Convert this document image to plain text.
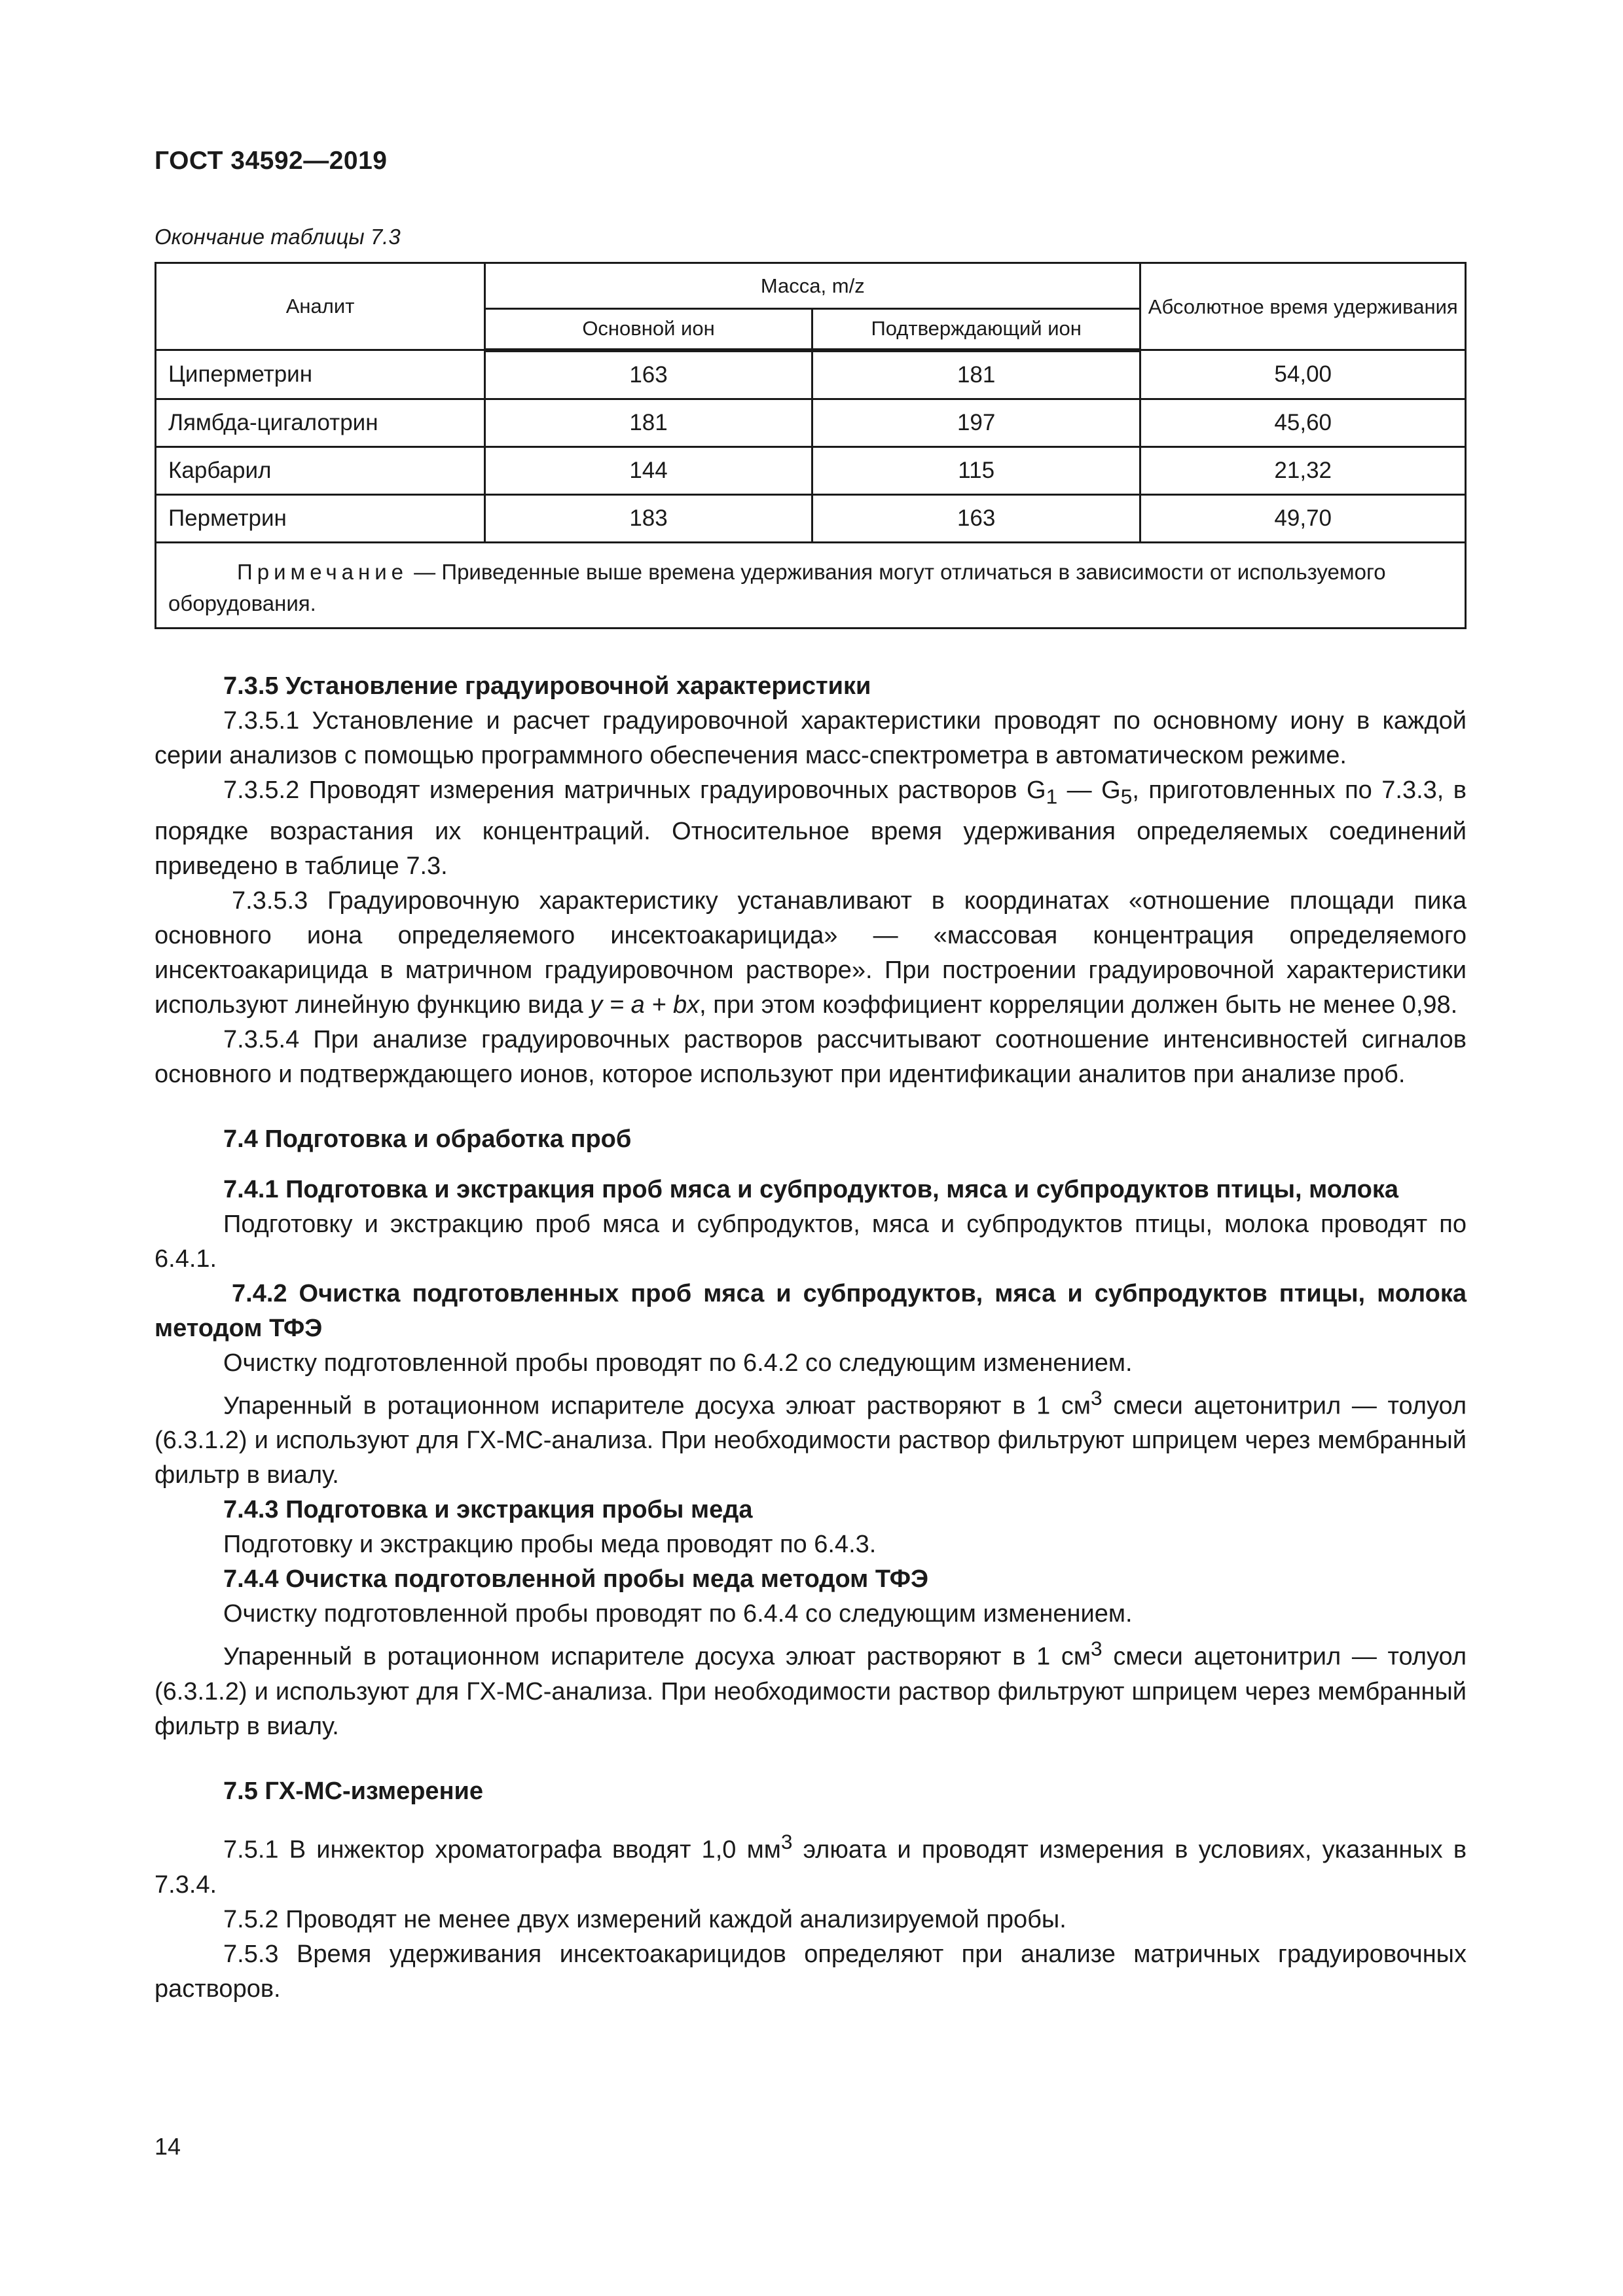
ГОСТ 34592—2019
Окончание таблицы 7.3
Аналит	Масса, m/z		Абсолютное время удерживания
	Основной ион	Подтверждающий ион	
Циперметрин	163	181	54,00
Лямбда-цигалотрин	181	197	45,60
Карбарил	144	115	21,32
Перметрин	183	163	49,70
Примечание — Приведенные выше времена удерживания могут отличаться в зависимости от используемого оборудования.			

7.3.5 Установление градуировочной характеристики

7.3.5.1 Установление и расчет градуировочной характеристики проводят по основному иону в каждой серии анализов с помощью программного обеспечения масс-спектрометра в автоматическом режиме.

7.3.5.2 Проводят измерения матричных градуировочных растворов $G_1$ — $G_5$, приготовленных по 7.3.3, в порядке возрастания их концентраций. Относительное время удерживания определяемых соединений приведено в таблице 7.3.

7.3.5.3 Градуировочную характеристику устанавливают в координатах «отношение площади пика основного иона определяемого инсектоакарицида» — «массовая концентрация определяемого инсектоакарицида в матричном градуировочном растворе». При построении градуировочной характеристики используют линейную функцию вида y = a + bx, при этом коэффициент корреляции должен быть не менее 0,98.

7.3.5.4 При анализе градуировочных растворов рассчитывают соотношение интенсивностей сигналов основного и подтверждающего ионов, которое используют при идентификации аналитов при анализе проб.

7.4 Подготовка и обработка проб

7.4.1 Подготовка и экстракция проб мяса и субпродуктов, мяса и субпродуктов птицы, молока

Подготовку и экстракцию проб мяса и субпродуктов, мяса и субпродуктов птицы, молока проводят по 6.4.1.

7.4.2 Очистка подготовленных проб мяса и субпродуктов, мяса и субпродуктов птицы, молока методом ТФЭ

Очистку подготовленной пробы проводят по 6.4.2 со следующим изменением.

Упаренный в ротационном испарителе досуха элюат растворяют в 1 $см^3$ смеси ацетонитрил — толуол (6.3.1.2) и используют для ГХ-МС-анализа. При необходимости раствор фильтруют шприцем через мембранный фильтр в виалу.

7.4.3 Подготовка и экстракция пробы меда

Подготовку и экстракцию пробы меда проводят по 6.4.3.

7.4.4 Очистка подготовленной пробы меда методом ТФЭ

Очистку подготовленной пробы проводят по 6.4.4 со следующим изменением.

Упаренный в ротационном испарителе досуха элюат растворяют в 1 $см^3$ смеси ацетонитрил — толуол (6.3.1.2) и используют для ГХ-МС-анализа. При необходимости раствор фильтруют шприцем через мембранный фильтр в виалу.

7.5 ГХ-МС-измерение

7.5.1 В инжектор хроматографа вводят 1,0 $мм^3$ элюата и проводят измерения в условиях, указанных в 7.3.4.

7.5.2 Проводят не менее двух измерений каждой анализируемой пробы.

7.5.3 Время удерживания инсектоакарицидов определяют при анализе матричных градуировочных растворов.

14
